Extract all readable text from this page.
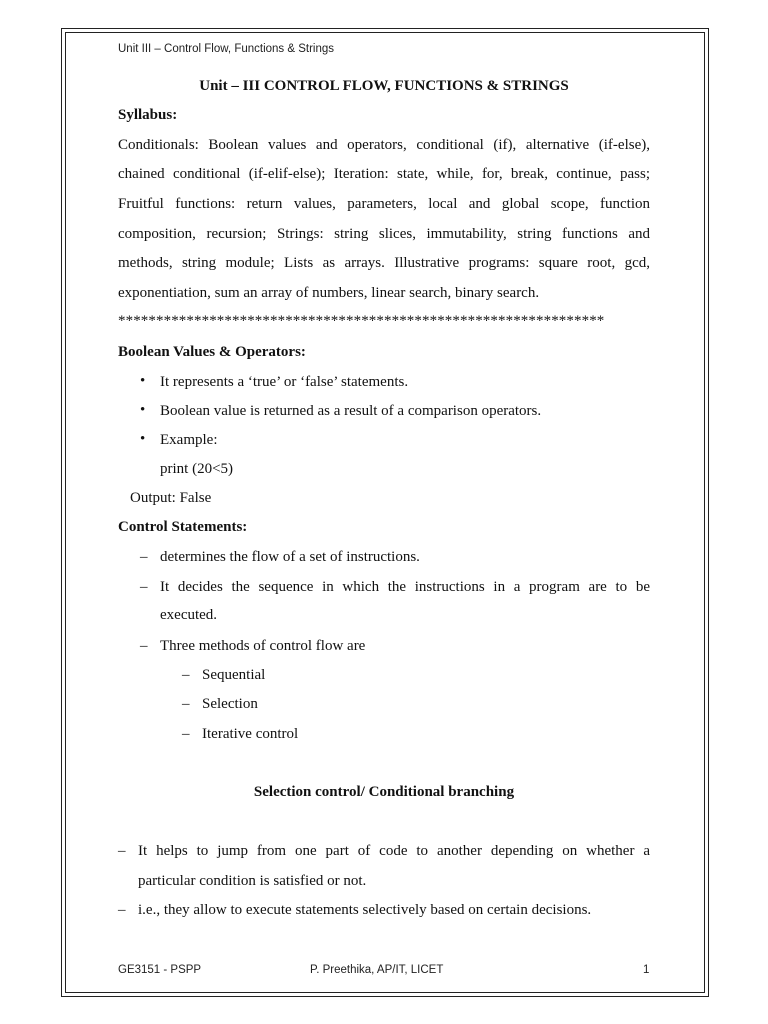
Unit III – Control Flow, Functions & Strings
Unit – III CONTROL FLOW, FUNCTIONS & STRINGS
Syllabus:
Conditionals: Boolean values and operators, conditional (if), alternative (if-else),
chained conditional (if-elif-else); Iteration: state, while, for, break, continue, pass;
Fruitful functions: return values, parameters, local and global scope, function
composition, recursion; Strings: string slices, immutability, string functions and
methods, string module; Lists as arrays. Illustrative programs: square root, gcd,
exponentiation, sum an array of numbers, linear search, binary search.
****************************************************************
Boolean Values & Operators:
• It represents a ‘true’ or ‘false’ statements.
• Boolean value is returned as a result of a comparison operators.
• Example:
print (20<5)
Output: False
Control Statements:
– determines the flow of a set of instructions.
– It decides the sequence in which the instructions in a program are to be
executed.
– Three methods of control flow are
– Sequential
– Selection
– Iterative control
Selection control/ Conditional branching
– It helps to jump from one part of code to another depending on whether a
particular condition is satisfied or not.
– i.e., they allow to execute statements selectively based on certain decisions.
GE3151 - PSPP	P. Preethika, AP/IT, LICET	1
